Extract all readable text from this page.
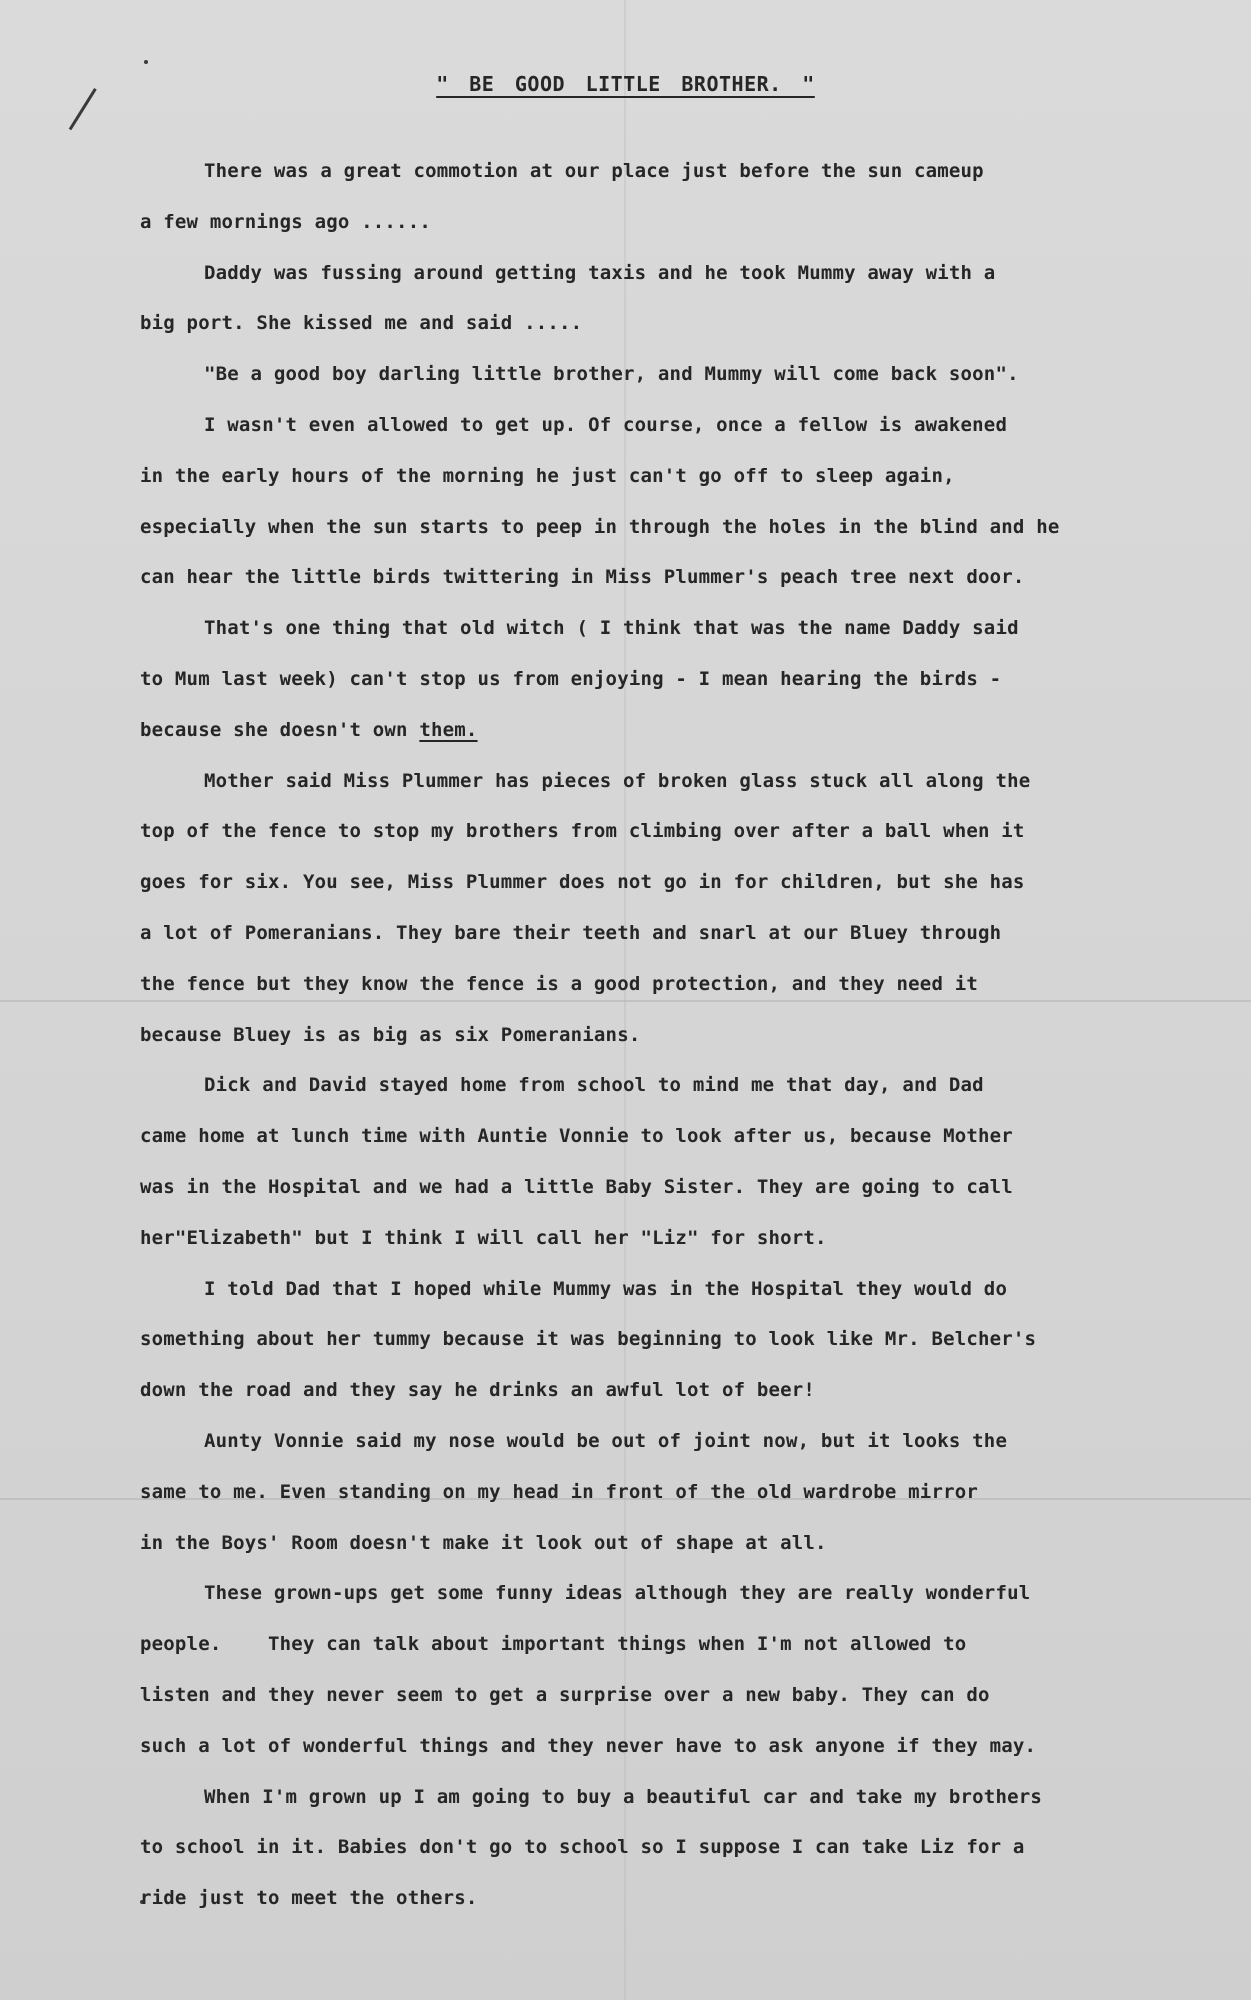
" BE GOOD LITTLE BROTHER. "
There was a great commotion at our place just before the sun cameup
a few mornings ago ......
Daddy was fussing around getting taxis and he took Mummy away with a
big port. She kissed me and said .....
"Be a good boy darling little brother, and Mummy will come back soon".
I wasn't even allowed to get up. Of course, once a fellow is awakened
in the early hours of the morning he just can't go off to sleep again,
especially when the sun starts to peep in through the holes in the blind and he
can hear the little birds twittering in Miss Plummer's peach tree next door.
That's one thing that old witch ( I think that was the name Daddy said
to Mum last week) can't stop us from enjoying - I mean hearing the birds -
because she doesn't own them.
Mother said Miss Plummer has pieces of broken glass stuck all along the
top of the fence to stop my brothers from climbing over after a ball when it
goes for six. You see, Miss Plummer does not go in for children, but she has
a lot of Pomeranians. They bare their teeth and snarl at our Bluey through
the fence but they know the fence is a good protection, and they need it
because Bluey is as big as six Pomeranians.
Dick and David stayed home from school to mind me that day, and Dad
came home at lunch time with Auntie Vonnie to look after us, because Mother
was in the Hospital and we had a little Baby Sister. They are going to call
her"Elizabeth" but I think I will call her "Liz" for short.
I told Dad that I hoped while Mummy was in the Hospital they would do
something about her tummy because it was beginning to look like Mr. Belcher's
down the road and they say he drinks an awful lot of beer!
Aunty Vonnie said my nose would be out of joint now, but it looks the
same to me. Even standing on my head in front of the old wardrobe mirror
in the Boys' Room doesn't make it look out of shape at all.
These grown-ups get some funny ideas although they are really wonderful
people.    They can talk about important things when I'm not allowed to
listen and they never seem to get a surprise over a new baby. They can do
such a lot of wonderful things and they never have to ask anyone if they may.
When I'm grown up I am going to buy a beautiful car and take my brothers
to school in it. Babies don't go to school so I suppose I can take Liz for a
ride just to meet the others.
